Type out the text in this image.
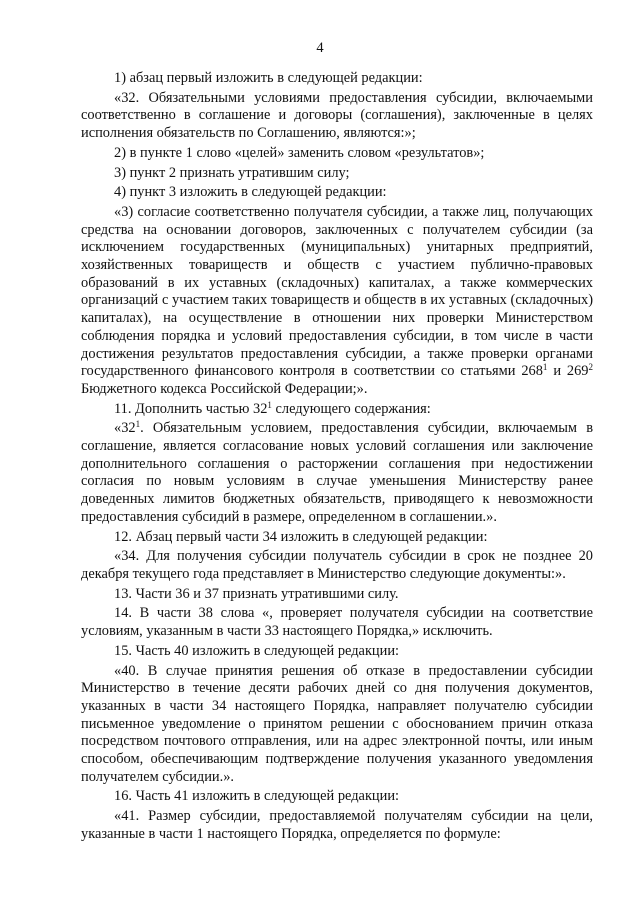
4

1) абзац первый изложить в следующей редакции:

«32. Обязательными условиями предоставления субсидии, включаемыми соответственно в соглашение и договоры (соглашения), заключенные в целях исполнения обязательств по Соглашению, являются:»;

2) в пункте 1 слово «целей» заменить словом «результатов»;

3) пункт 2 признать утратившим силу;

4) пункт 3 изложить в следующей редакции:

«3) согласие соответственно получателя субсидии, а также лиц, получающих средства на основании договоров, заключенных с получателем субсидии (за исключением государственных (муниципальных) унитарных предприятий, хозяйственных товариществ и обществ с участием публично-правовых образований в их уставных (складочных) капиталах, а также коммерческих организаций с участием таких товариществ и обществ в их уставных (складочных) капиталах), на осуществление в отношении них проверки Министерством соблюдения порядка и условий предоставления субсидии, в том числе в части достижения результатов предоставления субсидии, а также проверки органами государственного финансового контроля в соответствии со статьями $268^1$ и $269^2$ Бюджетного кодекса Российской Федерации;».

11. Дополнить частью $32^1$ следующего содержания:

«$32^1$. Обязательным условием, предоставления субсидии, включаемым в соглашение, является согласование новых условий соглашения или заключение дополнительного соглашения о расторжении соглашения при недостижении согласия по новым условиям в случае уменьшения Министерству ранее доведенных лимитов бюджетных обязательств, приводящего к невозможности предоставления субсидий в размере, определенном в соглашении.».

12. Абзац первый части 34 изложить в следующей редакции:

«34. Для получения субсидии получатель субсидии в срок не позднее 20 декабря текущего года представляет в Министерство следующие документы:».

13. Части 36 и 37 признать утратившими силу.

14. В части 38 слова «, проверяет получателя субсидии на соответствие условиям, указанным в части 33 настоящего Порядка,» исключить.

15. Часть 40 изложить в следующей редакции:

«40. В случае принятия решения об отказе в предоставлении субсидии Министерство в течение десяти рабочих дней со дня получения документов, указанных в части 34 настоящего Порядка, направляет получателю субсидии письменное уведомление о принятом решении с обоснованием причин отказа посредством почтового отправления, или на адрес электронной почты, или иным способом, обеспечивающим подтверждение получения указанного уведомления получателем субсидии.».

16. Часть 41 изложить в следующей редакции:

«41. Размер субсидии, предоставляемой получателям субсидии на цели, указанные в части 1 настоящего Порядка, определяется по формуле:
